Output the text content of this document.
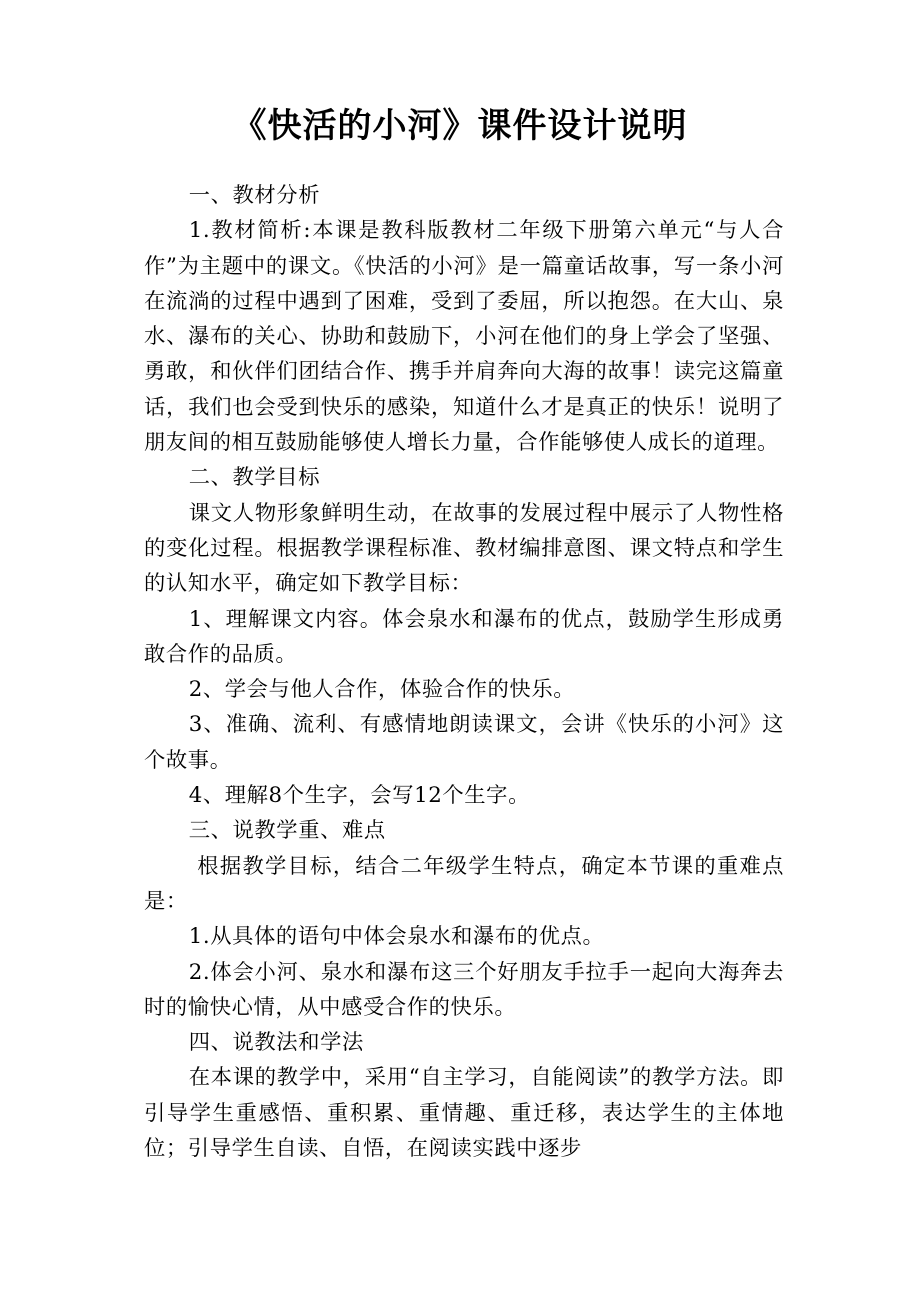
《快活的小河》课件设计说明

一、教材分析

1.教材简析:本课是教科版教材二年级下册第六单元“与人合作”为主题中的课文。《快活的小河》是一篇童话故事，写一条小河在流淌的过程中遇到了困难，受到了委屈，所以抱怨。在大山、泉水、瀑布的关心、协助和鼓励下，小河在他们的身上学会了坚强、勇敢，和伙伴们团结合作、携手并肩奔向大海的故事！读完这篇童话，我们也会受到快乐的感染，知道什么才是真正的快乐！说明了朋友间的相互鼓励能够使人增长力量，合作能够使人成长的道理。

二、教学目标

课文人物形象鲜明生动，在故事的发展过程中展示了人物性格的变化过程。根据教学课程标准、教材编排意图、课文特点和学生的认知水平，确定如下教学目标：

1、理解课文内容。体会泉水和瀑布的优点，鼓励学生形成勇敢合作的品质。

2、学会与他人合作，体验合作的快乐。

3、准确、流利、有感情地朗读课文，会讲《快乐的小河》这个故事。

4、理解8个生字，会写12个生字。

三、说教学重、难点

根据教学目标，结合二年级学生特点，确定本节课的重难点是：

1.从具体的语句中体会泉水和瀑布的优点。

2.体会小河、泉水和瀑布这三个好朋友手拉手一起向大海奔去时的愉快心情，从中感受合作的快乐。

四、说教法和学法

在本课的教学中，采用“自主学习，自能阅读”的教学方法。即引导学生重感悟、重积累、重情趣、重迁移，表达学生的主体地位；引导学生自读、自悟，在阅读实践中逐步
